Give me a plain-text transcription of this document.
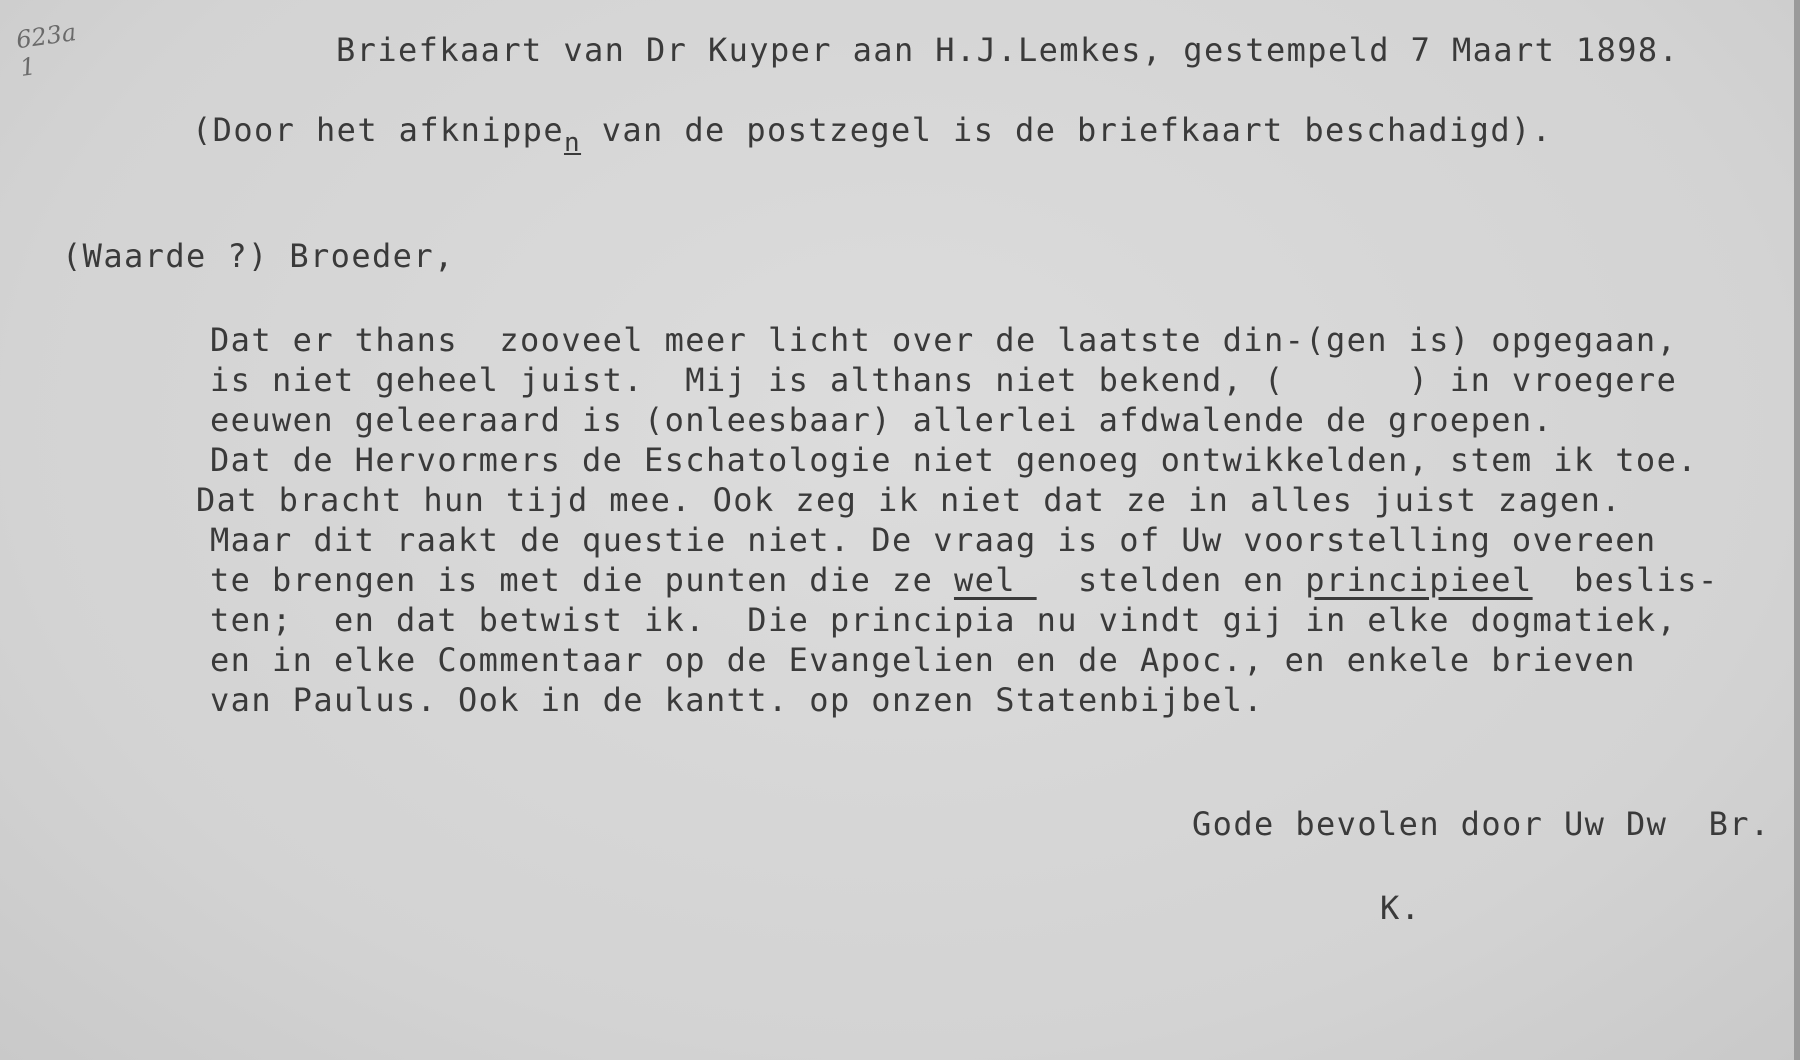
623a
1	Briefkaart van Dr Kuyper aan H.J.Lemkes, gestempeld 7 Maart 1898.
(Door het afknippe$_n$ van de postzegel is de briefkaart beschadigd).
(Waarde ?) Broeder,
Dat er thans  zooveel meer licht over de laatste din-(gen is) opgegaan,
is niet geheel juist.  Mij is althans niet bekend, (      ) in vroegere
eeuwen geleeraard is (onleesbaar) allerlei afdwalende de groepen.
Dat de Hervormers de Eschatologie niet genoeg ontwikkelden, stem ik toe.
Dat bracht hun tijd mee. Ook zeg ik niet dat ze in alles juist zagen.
Maar dit raakt de questie niet. De vraag is of Uw voorstelling overeen
te brengen is met die punten die ze wel   stelden en principieel  beslis-
ten;  en dat betwist ik.  Die principia nu vindt gij in elke dogmatiek,
en in elke Commentaar op de Evangelien en de Apoc., en enkele brieven
van Paulus. Ook in de kantt. op onzen Statenbijbel.
Gode bevolen door Uw Dw  Br.
K.
